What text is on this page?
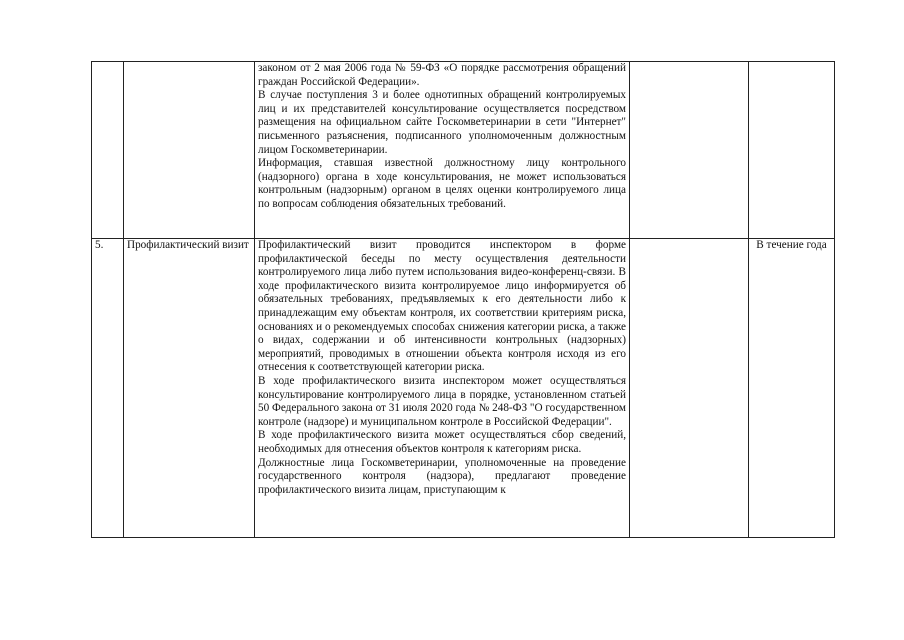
		законом от 2 мая 2006 года № 59-ФЗ «О порядке рассмотрения обращений граждан Российской Федерации».

В случае поступления 3 и более однотипных обращений контролируемых лиц и их представителей консультирование осуществляется посредством размещения на официальном сайте Госкомветеринарии в сети "Интернет" письменного разъяснения, подписанного уполномоченным должностным лицом Госкомветеринарии.

Информация, ставшая известной должностному лицу контрольного (надзорного) органа в ходе консультирования, не может использоваться контрольным (надзорным) органом в целях оценки контролируемого лица по вопросам соблюдения обязательных требований.		

5.	Профилактический визит	Профилактический визит проводится инспектором в форме профилактической беседы по месту осуществления деятельности контролируемого лица либо путем использования видео-конференц-связи. В ходе профилактического визита контролируемое лицо информируется об обязательных требованиях, предъявляемых к его деятельности либо к принадлежащим ему объектам контроля, их соответствии критериям риска, основаниях и о рекомендуемых способах снижения категории риска, а также о видах, содержании и об интенсивности контрольных (надзорных) мероприятий, проводимых в отношении объекта контроля исходя из его отнесения к соответствующей категории риска.

В ходе профилактического визита инспектором может осуществляться консультирование контролируемого лица в порядке, установленном статьей 50 Федерального закона от 31 июля 2020 года № 248-ФЗ "О государственном контроле (надзоре) и муниципальном контроле в Российской Федерации".

В ходе профилактического визита может осуществляться сбор сведений, необходимых для отнесения объектов контроля к категориям риска.

Должностные лица Госкомветеринарии, уполномоченные на проведение государственного контроля (надзора), предлагают проведение профилактического визита лицам, приступающим к		В течение года
